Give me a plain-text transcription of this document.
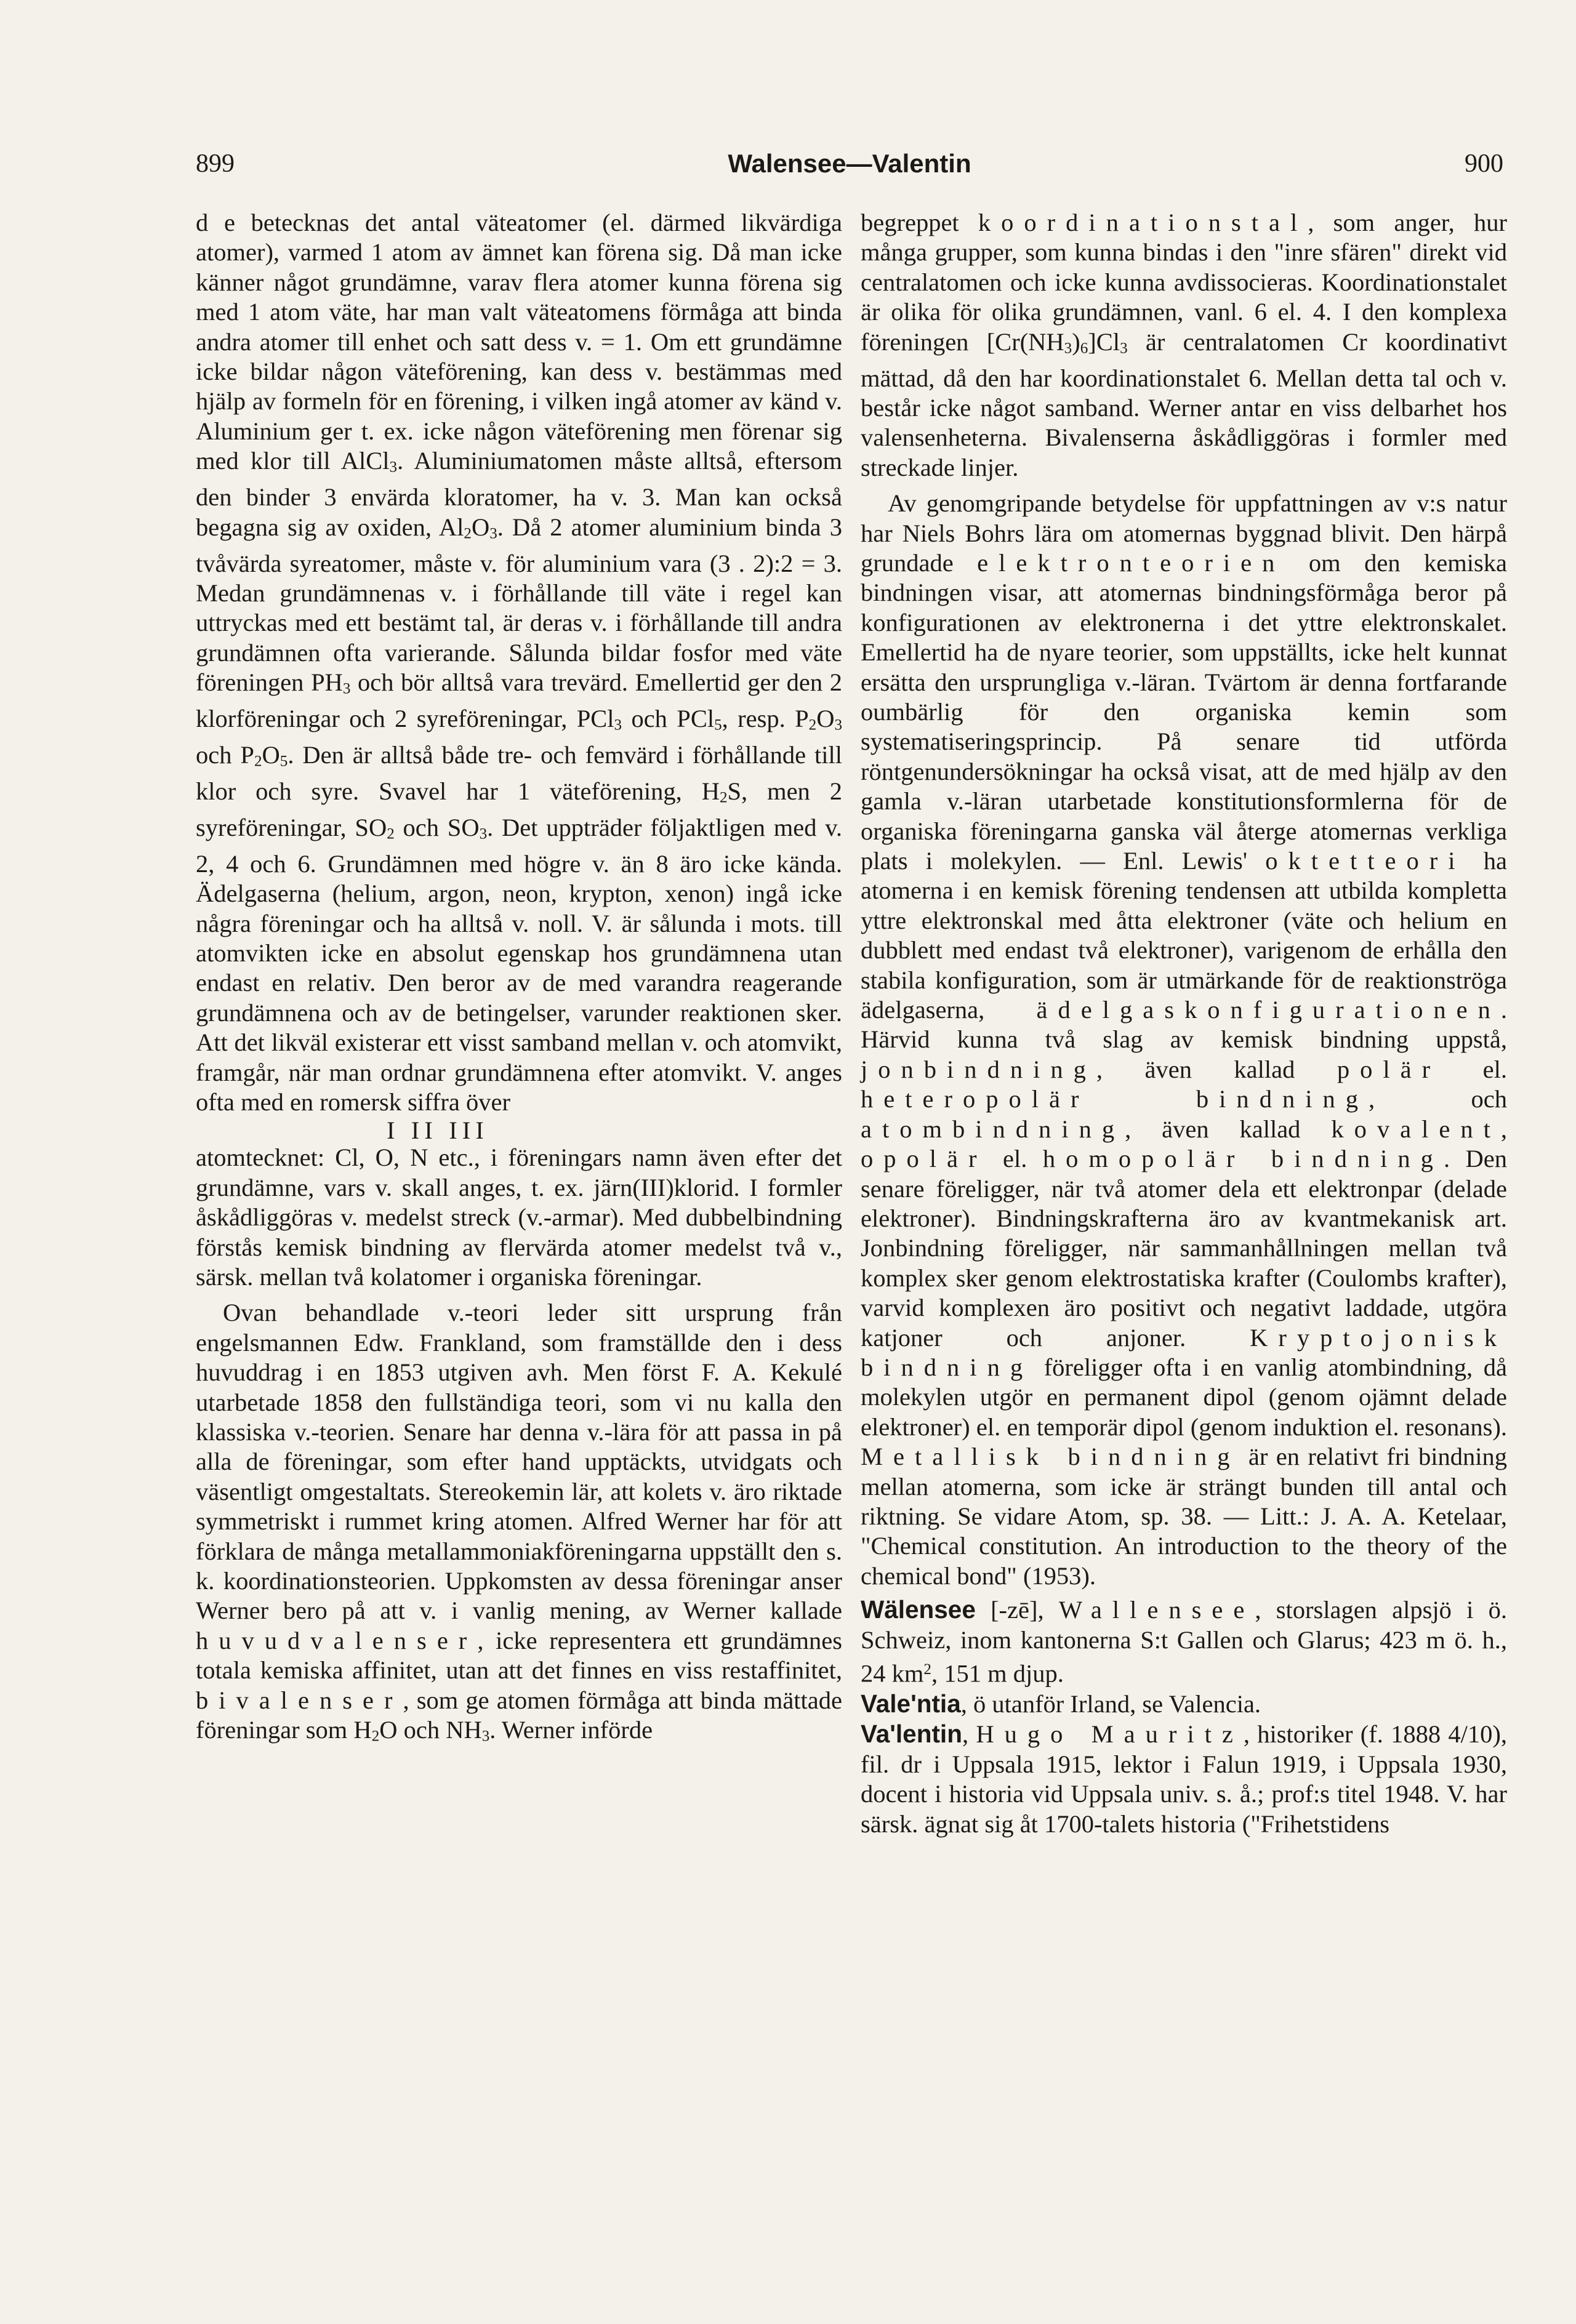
899	Walensee—Valentin	900

d e betecknas det antal väteatomer (el. därmed likvärdiga atomer), varmed 1 atom av ämnet kan förena sig. Då man icke känner något grundämne, varav flera atomer kunna förena sig med 1 atom väte, har man valt väteatomens förmåga att binda andra atomer till enhet och satt dess v. = 1. Om ett grundämne icke bildar någon väteförening, kan dess v. bestämmas med hjälp av formeln för en förening, i vilken ingå atomer av känd v. Aluminium ger t. ex. icke någon väteförening men förenar sig med klor till AlCl3. Aluminiumatomen måste alltså, eftersom den binder 3 envärda kloratomer, ha v. 3. Man kan också begagna sig av oxiden, Al2O3. Då 2 atomer aluminium binda 3 tvåvärda syreatomer, måste v. för aluminium vara (3 . 2):2 = 3. Medan grundämnenas v. i förhållande till väte i regel kan uttryckas med ett bestämt tal, är deras v. i förhållande till andra grundämnen ofta varierande. Sålunda bildar fosfor med väte föreningen PH3 och bör alltså vara trevärd. Emellertid ger den 2 klorföreningar och 2 syreföreningar, PCl3 och PCl5, resp. P2O3 och P2O5. Den är alltså både tre- och femvärd i förhållande till klor och syre. Svavel har 1 väteförening, H2S, men 2 syreföreningar, SO2 och SO3. Det uppträder följaktligen med v. 2, 4 och 6. Grundämnen med högre v. än 8 äro icke kända. Ädelgaserna (helium, argon, neon, krypton, xenon) ingå icke några föreningar och ha alltså v. noll. V. är sålunda i mots. till atomvikten icke en absolut egenskap hos grundämnena utan endast en relativ. Den beror av de med varandra reagerande grundämnena och av de betingelser, varunder reaktionen sker. Att det likväl existerar ett visst samband mellan v. och atomvikt, framgår, när man ordnar grundämnena efter atomvikt. V. anges ofta med en romersk siffra över
I II III
atomtecknet: Cl, O, N etc., i föreningars namn även efter det grundämne, vars v. skall anges, t. ex. järn(III)klorid. I formler åskådliggöras v. medelst streck (v.-armar). Med dubbelbindning förstås kemisk bindning av flervärda atomer medelst två v., särsk. mellan två kolatomer i organiska föreningar.

Ovan behandlade v.-teori leder sitt ursprung från engelsmannen Edw. Frankland, som framställde den i dess huvuddrag i en 1853 utgiven avh. Men först F. A. Kekulé utarbetade 1858 den fullständiga teori, som vi nu kalla den klassiska v.-teorien. Senare har denna v.-lära för att passa in på alla de föreningar, som efter hand upptäckts, utvidgats och väsentligt omgestaltats. Stereokemin lär, att kolets v. äro riktade symmetriskt i rummet kring atomen. Alfred Werner har för att förklara de många metallammoniakföreningarna uppställt den s. k. koordinationsteorien. Uppkomsten av dessa föreningar anser Werner bero på att v. i vanlig mening, av Werner kallade huvudvalenser, icke representera ett grundämnes totala kemiska affinitet, utan att det finnes en viss restaffinitet, bivalenser, som ge atomen förmåga att binda mättade föreningar som H2O och NH3. Werner införde

begreppet koordinationstal, som anger, hur många grupper, som kunna bindas i den "inre sfären" direkt vid centralatomen och icke kunna avdissocieras. Koordinationstalet är olika för olika grundämnen, vanl. 6 el. 4. I den komplexa föreningen [Cr(NH3)6]Cl3 är centralatomen Cr koordinativt mättad, då den har koordinationstalet 6. Mellan detta tal och v. består icke något samband. Werner antar en viss delbarhet hos valensenheterna. Bivalenserna åskådliggöras i formler med streckade linjer.

Av genomgripande betydelse för uppfattningen av v:s natur har Niels Bohrs lära om atomernas byggnad blivit. Den härpå grundade elektronteorien om den kemiska bindningen visar, att atomernas bindningsförmåga beror på konfigurationen av elektronerna i det yttre elektronskalet. Emellertid ha de nyare teorier, som uppställts, icke helt kunnat ersätta den ursprungliga v.-läran. Tvärtom är denna fortfarande oumbärlig för den organiska kemin som systematiseringsprincip. På senare tid utförda röntgenundersökningar ha också visat, att de med hjälp av den gamla v.-läran utarbetade konstitutionsformlerna för de organiska föreningarna ganska väl återge atomernas verkliga plats i molekylen. — Enl. Lewis' oktetteori ha atomerna i en kemisk förening tendensen att utbilda kompletta yttre elektronskal med åtta elektroner (väte och helium en dubblett med endast två elektroner), varigenom de erhålla den stabila konfiguration, som är utmärkande för de reaktionströga ädelgaserna, ädelgaskonfigurationen. Härvid kunna två slag av kemisk bindning uppstå, jonbindning, även kallad polär el. heteropolär bindning, och atombindning, även kallad kovalent, opolär el. homopolär bindning. Den senare föreligger, när två atomer dela ett elektronpar (delade elektroner). Bindningskrafterna äro av kvantmekanisk art. Jonbindning föreligger, när sammanhållningen mellan två komplex sker genom elektrostatiska krafter (Coulombs krafter), varvid komplexen äro positivt och negativt laddade, utgöra katjoner och anjoner. Kryptojonisk bindning föreligger ofta i en vanlig atombindning, då molekylen utgör en permanent dipol (genom ojämnt delade elektroner) el. en temporär dipol (genom induktion el. resonans). Metallisk bindning är en relativt fri bindning mellan atomerna, som icke är strängt bunden till antal och riktning. Se vidare Atom, sp. 38. — Litt.: J. A. A. Ketelaar, "Chemical constitution. An introduction to the theory of the chemical bond" (1953).

Wälensee [-zē], Wallensee, storslagen alpsjö i ö. Schweiz, inom kantonerna S:t Gallen och Glarus; 423 m ö. h., 24 $km^2$, 151 m djup.

Vale'ntia, ö utanför Irland, se Valencia.

Va'lentin, Hugo Mauritz, historiker (f. 1888 4/10), fil. dr i Uppsala 1915, lektor i Falun 1919, i Uppsala 1930, docent i historia vid Uppsala univ. s. å.; prof:s titel 1948. V. har särsk. ägnat sig åt 1700-talets historia ("Frihetstidens
